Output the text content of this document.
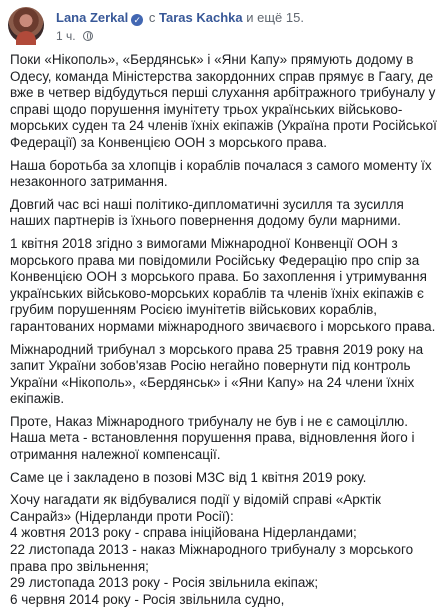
Lana Zerkal ✓ с Taras Kachka и ещё 15.
1 ч.

Поки «Нікополь», «Бердянськ» і «Яни Капу» прямують додому в Одесу, команда Міністерства закордонних справ прямує в Гаагу, де вже в четвер відбудуться перші слухання арбітражного трибуналу у справі щодо порушення імунітету трьох українських військово-морських суден та 24 членів їхніх екіпажів (Україна проти Російської Федерації) за Конвенцією ООН з морського права.

Наша боротьба за хлопців і кораблів почалася з самого моменту їх незаконного затримання.

Довгий час всі наші політико-дипломатичні зусилля та зусилля наших партнерів із їхнього повернення додому були марними.

1 квітня 2018 згідно з вимогами Міжнародної Конвенції ООН з морського права ми повідомили Російську Федерацію про спір за Конвенцією ООН з морського права. Бо захоплення і утримування українських військово-морських кораблів та членів їхніх екіпажів є грубим порушенням Росією імунітетів військових кораблів, гарантованих нормами міжнародного звичаєвого і морського права.

Міжнародний трибунал з морського права 25 травня 2019 року на запит України зобов'язав Росію негайно повернути під контроль України «Нікополь», «Бердянськ» і «Яни Капу» на 24 члени їхніх екіпажів.

Проте, Наказ Міжнародного трибуналу не був і не є самоціллю. Наша мета - встановлення порушення права, відновлення його і отримання належної компенсації.

Саме це і закладено в позові МЗС від 1 квітня 2019 року.

Хочу нагадати як відбувалися події у відомій справі «Арктік Санрайз» (Нідерланди проти Росії):

4 жовтня 2013 року - справа ініційована Нідерландами;

22 листопада 2013 - наказ Міжнародного трибуналу з морського права про звільнення;

29 листопада 2013 року - Росія звільнила екіпаж;

6 червня 2014 року - Росія звільнила судно,
